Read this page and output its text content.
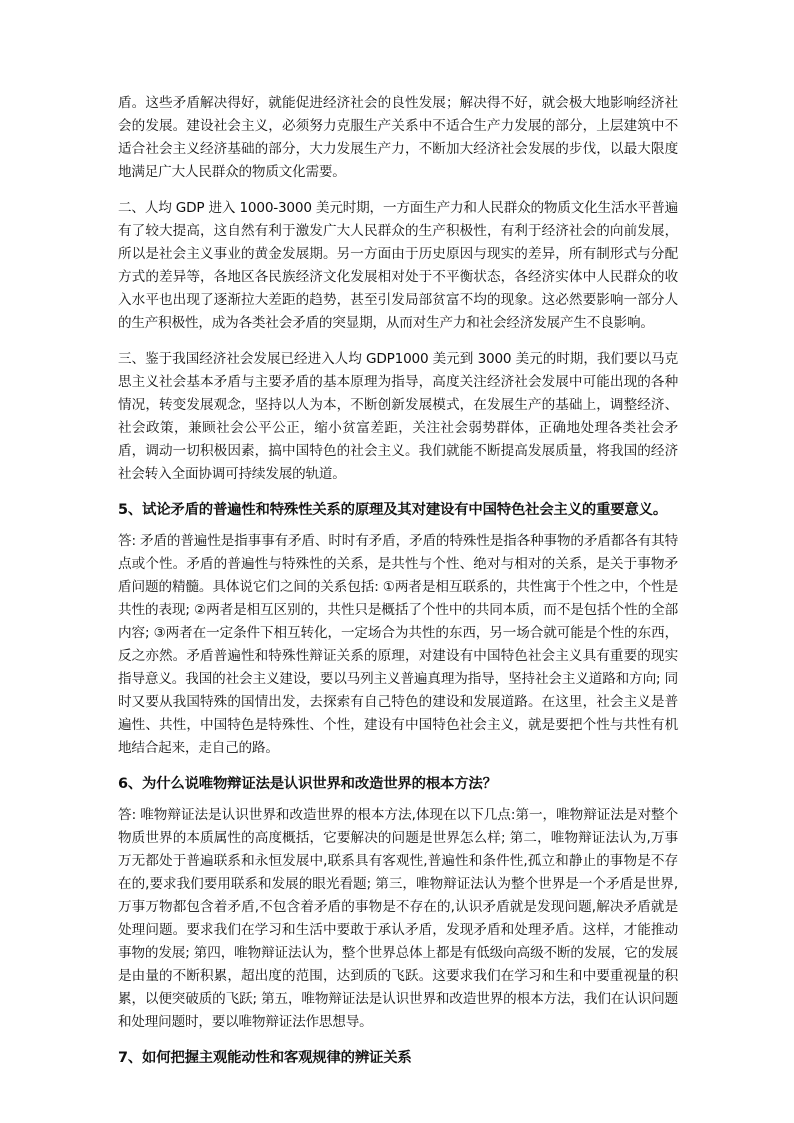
盾。这些矛盾解决得好，就能促进经济社会的良性发展；解决得不好，就会极大地影响经济社会的发展。建设社会主义，必须努力克服生产关系中不适合生产力发展的部分，上层建筑中不适合社会主义经济基础的部分，大力发展生产力，不断加大经济社会发展的步伐，以最大限度地满足广大人民群众的物质文化需要。

二、人均 GDP 进入 1000-3000 美元时期，一方面生产力和人民群众的物质文化生活水平普遍有了较大提高，这自然有利于激发广大人民群众的生产积极性，有利于经济社会的向前发展，所以是社会主义事业的黄金发展期。另一方面由于历史原因与现实的差异，所有制形式与分配方式的差异等，各地区各民族经济文化发展相对处于不平衡状态，各经济实体中人民群众的收入水平也出现了逐渐拉大差距的趋势，甚至引发局部贫富不均的现象。这必然要影响一部分人的生产积极性，成为各类社会矛盾的突显期，从而对生产力和社会经济发展产生不良影响。

三、鉴于我国经济社会发展已经进入人均 GDP1000 美元到 3000 美元的时期，我们要以马克思主义社会基本矛盾与主要矛盾的基本原理为指导，高度关注经济社会发展中可能出现的各种情况，转变发展观念，坚持以人为本，不断创新发展模式，在发展生产的基础上，调整经济、社会政策，兼顾社会公平公正，缩小贫富差距，关注社会弱势群体，正确地处理各类社会矛盾，调动一切积极因素，搞中国特色的社会主义。我们就能不断提高发展质量，将我国的经济社会转入全面协调可持续发展的轨道。

5、试论矛盾的普遍性和特殊性关系的原理及其对建设有中国特色社会主义的重要意义。

答: 矛盾的普遍性是指事事有矛盾、时时有矛盾，矛盾的特殊性是指各种事物的矛盾都各有其特点或个性。矛盾的普遍性与特殊性的关系，是共性与个性、绝对与相对的关系，是关于事物矛盾问题的精髓。具体说它们之间的关系包括: ①两者是相互联系的，共性寓于个性之中，个性是共性的表现; ②两者是相互区别的，共性只是概括了个性中的共同本质，而不是包括个性的全部内容; ③两者在一定条件下相互转化，一定场合为共性的东西，另一场合就可能是个性的东西，反之亦然。矛盾普遍性和特殊性辩证关系的原理，对建设有中国特色社会主义具有重要的现实指导意义。我国的社会主义建设，要以马列主义普遍真理为指导，坚持社会主义道路和方向; 同时又要从我国特殊的国情出发，去探索有自己特色的建设和发展道路。在这里，社会主义是普遍性、共性，中国特色是特殊性、个性，建设有中国特色社会主义，就是要把个性与共性有机地结合起来，走自己的路。

6、为什么说唯物辩证法是认识世界和改造世界的根本方法？

答: 唯物辩证法是认识世界和改造世界的根本方法,体现在以下几点:第一，唯物辩证法是对整个物质世界的本质属性的高度概括，它要解决的问题是世界怎么样; 第二，唯物辩证法认为,万事万无都处于普遍联系和永恒发展中,联系具有客观性,普遍性和条件性,孤立和静止的事物是不存在的,要求我们要用联系和发展的眼光看题; 第三，唯物辩证法认为整个世界是一个矛盾是世界,万事万物都包含着矛盾,不包含着矛盾的事物是不存在的,认识矛盾就是发现问题,解决矛盾就是处理问题。要求我们在学习和生活中要敢于承认矛盾，发现矛盾和处理矛盾。这样，才能推动事物的发展; 第四，唯物辩证法认为，整个世界总体上都是有低级向高级不断的发展，它的发展是由量的不断积累，超出度的范围，达到质的飞跃。这要求我们在学习和生和中要重视量的积累，以便突破质的飞跃; 第五，唯物辩证法是认识世界和改造世界的根本方法，我们在认识问题和处理问题时，要以唯物辩证法作思想导。

7、如何把握主观能动性和客观规律的辨证关系
